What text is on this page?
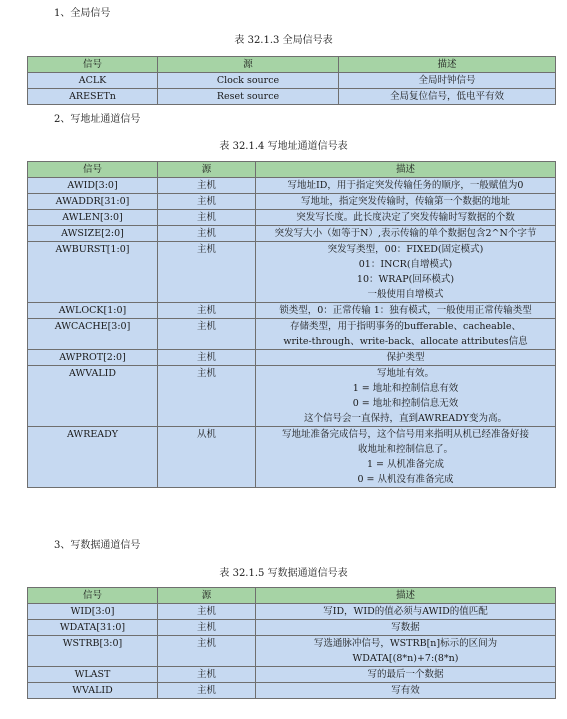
1、全局信号
表 32.1.3 全局信号表
信号	源	描述
ACLK	Clock source	全局时钟信号

ARESETn	Reset source	全局复位信号，低电平有效
2、写地址通道信号
表 32.1.4 写地址通道信号表
信号	源	描述
AWID[3:0]	主机	写地址ID，用于指定突发传输任务的顺序，一般赋值为0

AWADDR[31:0]	主机	写地址，指定突发传输时，传输第一个数据的地址

AWLEN[3:0]	主机	突发写长度。此长度决定了突发传输时写数据的个数

AWSIZE[2:0]	主机	突发写大小（如等于N）,表示传输的单个数据包含2^N个字节

AWBURST[1:0]	主机	突发写类型，00：FIXED(固定模式)
01：INCR(自增模式)
10：WRAP(回环模式)
一般使用自增模式

AWLOCK[1:0]	主机	锁类型，0：正常传输 1：独有模式，一般使用正常传输类型

AWCACHE[3:0]	主机	存储类型，用于指明事务的bufferable、cacheable、
write-through、write-back、allocate attributes信息

AWPROT[2:0]	主机	保护类型

AWVALID	主机	写地址有效。
1 = 地址和控制信息有效
0 = 地址和控制信息无效
这个信号会一直保持，直到AWREADY变为高。

AWREADY	从机	写地址准备完成信号，这个信号用来指明从机已经准备好接
收地址和控制信息了。
1 = 从机准备完成
0 = 从机没有准备完成
3、写数据通道信号
表 32.1.5 写数据通道信号表
信号	源	描述
WID[3:0]	主机	写ID，WID的值必须与AWID的值匹配

WDATA[31:0]	主机	写数据

WSTRB[3:0]	主机	写选通脉冲信号，WSTRB[n]标示的区间为
WDATA[(8*n)+7:(8*n)

WLAST	主机	写的最后一个数据

WVALID	主机	写有效
